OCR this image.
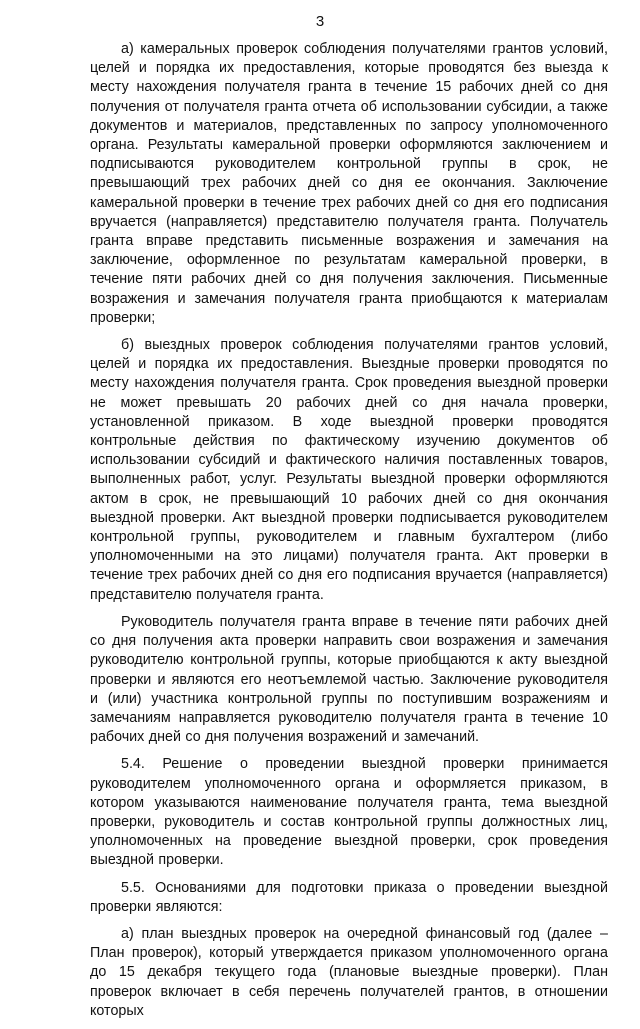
3

а) камеральных проверок соблюдения получателями грантов условий, целей и порядка их предоставления, которые проводятся без выезда к месту нахождения получателя гранта в течение 15 рабочих дней со дня получения от получателя гранта отчета об использовании субсидии, а также документов и материалов, представленных по запросу уполномоченного органа. Результаты камеральной проверки оформляются заключением и подписываются руководителем контрольной группы в срок, не превышающий трех рабочих дней со дня ее окончания. Заключение камеральной проверки в течение трех рабочих дней со дня его подписания вручается (направляется) представителю получателя гранта. Получатель гранта вправе представить письменные возражения и замечания на заключение, оформленное по результатам камеральной проверки, в течение пяти рабочих дней со дня получения заключения. Письменные возражения и замечания получателя гранта приобщаются к материалам проверки;

б) выездных проверок соблюдения получателями грантов условий, целей и порядка их предоставления. Выездные проверки проводятся по месту нахождения получателя гранта. Срок проведения выездной проверки не может превышать 20 рабочих дней со дня начала проверки, установленной приказом. В ходе выездной проверки проводятся контрольные действия по фактическому изучению документов об использовании субсидий и фактического наличия поставленных товаров, выполненных работ, услуг. Результаты выездной проверки оформляются актом в срок, не превышающий 10 рабочих дней со дня окончания выездной проверки. Акт выездной проверки подписывается руководителем контрольной группы, руководителем и главным бухгалтером (либо уполномоченными на это лицами) получателя гранта. Акт проверки в течение трех рабочих дней со дня его подписания вручается (направляется) представителю получателя гранта.

Руководитель получателя гранта вправе в течение пяти рабочих дней со дня получения акта проверки направить свои возражения и замечания руководителю контрольной группы, которые приобщаются к акту выездной проверки и являются его неотъемлемой частью. Заключение руководителя и (или) участника контрольной группы по поступившим возражениям и замечаниям направляется руководителю получателя гранта в течение 10 рабочих дней со дня получения возражений и замечаний.

5.4. Решение о проведении выездной проверки принимается руководителем уполномоченного органа и оформляется приказом, в котором указываются наименование получателя гранта, тема выездной проверки, руководитель и состав контрольной группы должностных лиц, уполномоченных на проведение выездной проверки, срок проведения выездной проверки.

5.5. Основаниями для подготовки приказа о проведении выездной проверки являются:

а) план выездных проверок на очередной финансовый год (далее – План проверок), который утверждается приказом уполномоченного органа до 15 декабря текущего года (плановые выездные проверки). План проверок включает в себя перечень получателей грантов, в отношении которых
